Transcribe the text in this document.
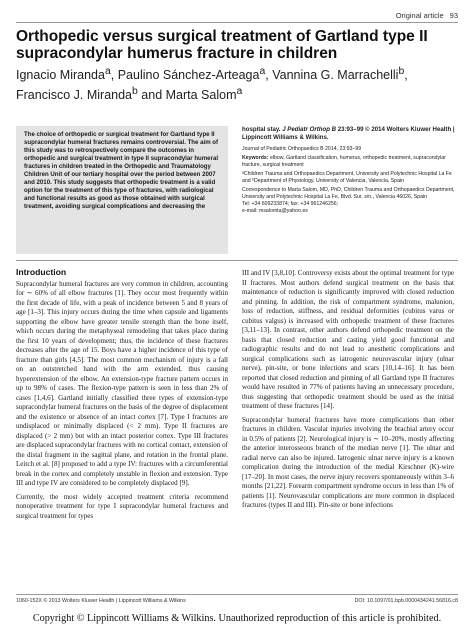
Original article 93
Orthopedic versus surgical treatment of Gartland type II supracondylar humerus fracture in children
Ignacio Miranda$^a$, Paulino Sánchez-Arteaga$^a$, Vannina G. Marrachelli$^b$, Francisco J. Miranda$^b$ and Marta Salom$^a$
The choice of orthopedic or surgical treatment for Gartland type II supracondylar humeral fractures remains controversial. The aim of this study was to retrospectively compare the outcomes in orthopedic and surgical treatment in type II supracondylar humeral fractures in children treated in the Orthopedic and Traumatology Children Unit of our tertiary hospital over the period between 2007 and 2010. This study suggests that orthopedic treatment is a valid option for the treatment of this type of fractures, with radiological and functional results as good as those obtained with surgical treatment, avoiding surgical complications and decreasing the

hospital stay. J Pediatr Orthop B 23:93–99 © 2014 Wolters Kluwer Health | Lippincott Williams & Wilkins.

Journal of Pediatric Orthopaedics B 2014, 23:93–99

Keywords: elbow, Gartland classification, humerus, orthopedic treatment, supracondylar fracture, surgical treatment

ᵃChildren Trauma and Orthopaedics Department, University and Polytechnic Hospital La Fe and ᵇDepartment of Physiology, University of Valencia, Valencia, Spain

Correspondence to Marta Salom, MD, PhD, Children Trauma and Orthopaedics Department, University and Polytechnic Hospital La Fe, Blvd. Sur, s/n., Valencia 46026, Spain

Tel: +34 609233874; fax: +34 961246256;

e-mail: msalomta@yahoo.es

Introduction

Supracondylar humeral fractures are very common in children, accounting for ∼ 60% of all elbow fractures [1]. They occur most frequently within the first decade of life, with a peak of incidence between 5 and 8 years of age [1–3]. This injury occurs during the time when capsule and ligaments supporting the elbow have greater tensile strength than the bone itself, which occurs during the metaphyseal remodeling that takes place during the first 10 years of development; thus, the incidence of these fractures decreases after the age of 15. Boys have a higher incidence of this type of fracture than girls [4,5]. The most common mechanism of injury is a fall on an outstretched hand with the arm extended, thus causing hyperextension of the elbow. An extension-type fracture pattern occurs in up to 98% of cases. The flexion-type pattern is seen in less than 2% of cases [1,4,6]. Gartland initially classified three types of extension-type supracondylar humeral fractures on the basis of the degree of displacement and the existence or absence of an intact cortex [7]. Type I fractures are undisplaced or minimally displaced (< 2 mm). Type II fractures are displaced (> 2 mm) but with an intact posterior cortex. Type III fractures are displaced supracondylar fractures with no cortical contact, extension of the distal fragment in the sagittal plane, and rotation in the frontal plane. Leitch et al. [8] proposed to add a type IV: fractures with a circumferential break in the cortex and completely unstable in flexion and extension. Type III and type IV are considered to be completely displaced [9].

Currently, the most widely accepted treatment criteria recommend nonoperative treatment for type I supracondylar humeral fractures and surgical treatment for types

III and IV [3,8,10]. Controversy exists about the optimal treatment for type II fractures. Most authors defend surgical treatment on the basis that maintenance of reduction is significantly improved with closed reduction and pinning. In addition, the risk of compartment syndrome, malunion, loss of reduction, stiffness, and residual deformities (cubitus varus or cubitus valgus) is increased with orthopedic treatment of these fractures [3,11–13]. In contrast, other authors defend orthopedic treatment on the basis that closed reduction and casting yield good functional and radiographic results and do not lead to anesthetic complications and surgical complications such as iatrogenic neurovascular injury (ulnar nerve), pin-site, or bone infections and scars [10,14–16]. It has been reported that closed reduction and pinning of all Gartland type II fractures would have resulted in 77% of patients having an unnecessary procedure, thus suggesting that orthopedic treatment should be used as the initial treatment of these fractures [14].

Supracondylar humeral fractures have more complications than other fractures in children. Vascular injuries involving the brachial artery occur in 0.5% of patients [2]. Neurological injury is ∼ 10–20%, mostly affecting the anterior interosseous branch of the median nerve [1]. The ulnar and radial nerve can also be injured. Iatrogenic ulnar nerve injury is a known complication during the introduction of the medial Kirschner (K)-wire [17–20]. In most cases, the nerve injury recovers spontaneously within 3–6 months [21,22]. Forearm compartment syndrome occurs in less than 1% of patients [1]. Neurovascular complications are more common in displaced fractures (types II and III). Pin-site or bone infections

1060-152X © 2013 Wolters Kluwer Health | Lippincott Williams & Wilkins	DOI: 10.1097/01.bpb.0000434241.56816.c8
Copyright © Lippincott Williams & Wilkins. Unauthorized reproduction of this article is prohibited.
